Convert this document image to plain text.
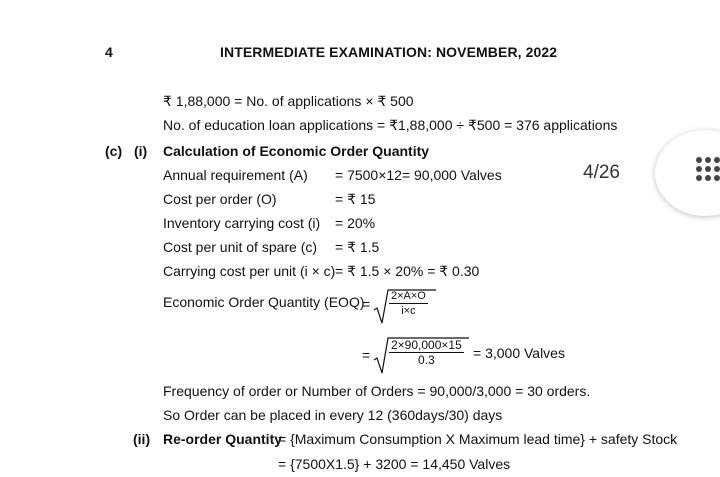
4	INTERMEDIATE EXAMINATION: NOVEMBER, 2022
₹ 1,88,000 = No. of applications × ₹ 500
No. of education loan applications = ₹1,88,000 ÷ ₹500 = 376 applications
(c) (i) Calculation of Economic Order Quantity
Annual requirement (A) = 7500×12= 90,000 Valves
Cost per order (O)	= ₹ 15
Inventory carrying cost (i) = 20%
Cost per unit of spare (c) = ₹ 1.5
Carrying cost per unit (i × c) = ₹ 1.5 × 20% = ₹ 0.30
Economic Order Quantity (EOQ)
= $\frac{2\times A\times O}{i\times c}$
= $\frac{2\times 90,000\times 15}{0.3} = 3,000$ Valves
Frequency of order or Number of Orders = 90,000/3,000 = 30 orders.
So Order can be placed in every 12 (360days/30) days
(ii) Re-order Quantity
= {Maximum Consumption X Maximum lead time} + safety Stock
= {7500X1.5} + 3200 = 14,450 Valves
4/26
